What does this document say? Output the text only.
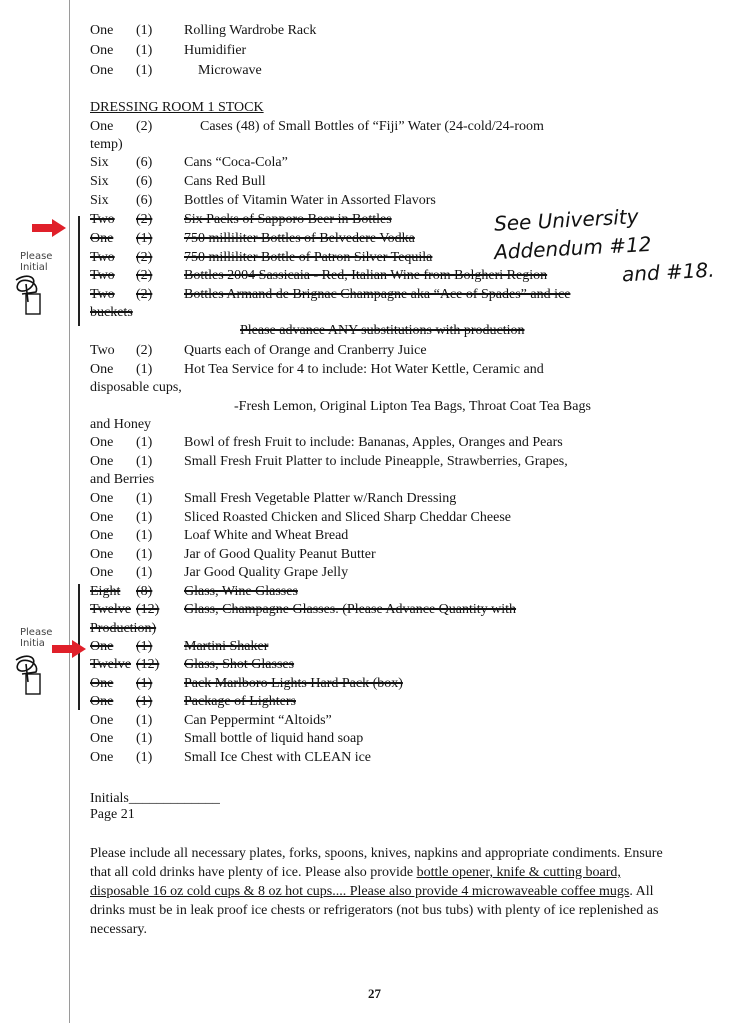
Please
Initial
Please
Initia
See University
Addendum #12
and #18.
One (1) Rolling Wardrobe Rack
One (1) Humidifier
One (1)	Microwave
DRESSING ROOM 1 STOCK
One (2)	Cases (48) of Small Bottles of “Fiji” Water (24-cold/24-room
temp)
Six (6) Cans “Coca-Cola”
Six (6) Cans Red Bull
Six (6) Bottles of Vitamin Water in Assorted Flavors
Two (2) Six Packs of Sapporo Beer in Bottles
One (1) 750 milliliter Bottles of Belvedere Vodka
Two (2) 750 milliliter Bottle of Patron Silver Tequila
Two (2) Bottles 2004 Sassicaia - Red, Italian Wine from Bolgheri Region
Two (2) Bottles Armand de Brignac Champagne aka “Ace of Spades” and ice
buckets
Please advance ANY substitutions with production
Two (2) Quarts each of Orange and Cranberry Juice
One (1) Hot Tea Service for 4 to include: Hot Water Kettle, Ceramic and
disposable cups,
-Fresh Lemon, Original Lipton Tea Bags, Throat Coat Tea Bags
and Honey
One (1) Bowl of fresh Fruit to include: Bananas, Apples, Oranges and Pears
One (1) Small Fresh Fruit Platter to include Pineapple, Strawberries, Grapes,
and Berries
One (1) Small Fresh Vegetable Platter w/Ranch Dressing
One (1) Sliced Roasted Chicken and Sliced Sharp Cheddar Cheese
One (1) Loaf White and Wheat Bread
One (1) Jar of Good Quality Peanut Butter
One (1) Jar Good Quality Grape Jelly
Eight (8) Glass, Wine Glasses
Twelve (12) Glass, Champagne Glasses. (Please Advance Quantity with
Production)
One (1) Martini Shaker
Twelve (12) Glass, Shot Glasses
One (1) Pack Marlboro Lights Hard Pack (box)
One (1) Package of Lighters
One (1) Can Peppermint “Altoids”
One (1) Small bottle of liquid hand soap
One (1) Small Ice Chest with CLEAN ice
Initials_____________
Page 21
Please include all necessary plates, forks, spoons, knives, napkins and appropriate condiments. Ensure that all cold drinks have plenty of ice. Please also provide bottle opener, knife & cutting board, disposable 16 oz cold cups & 8 oz hot cups.... Please also provide 4 microwaveable coffee mugs. All drinks must be in leak proof ice chests or refrigerators (not bus tubs) with plenty of ice replenished as necessary.
27
